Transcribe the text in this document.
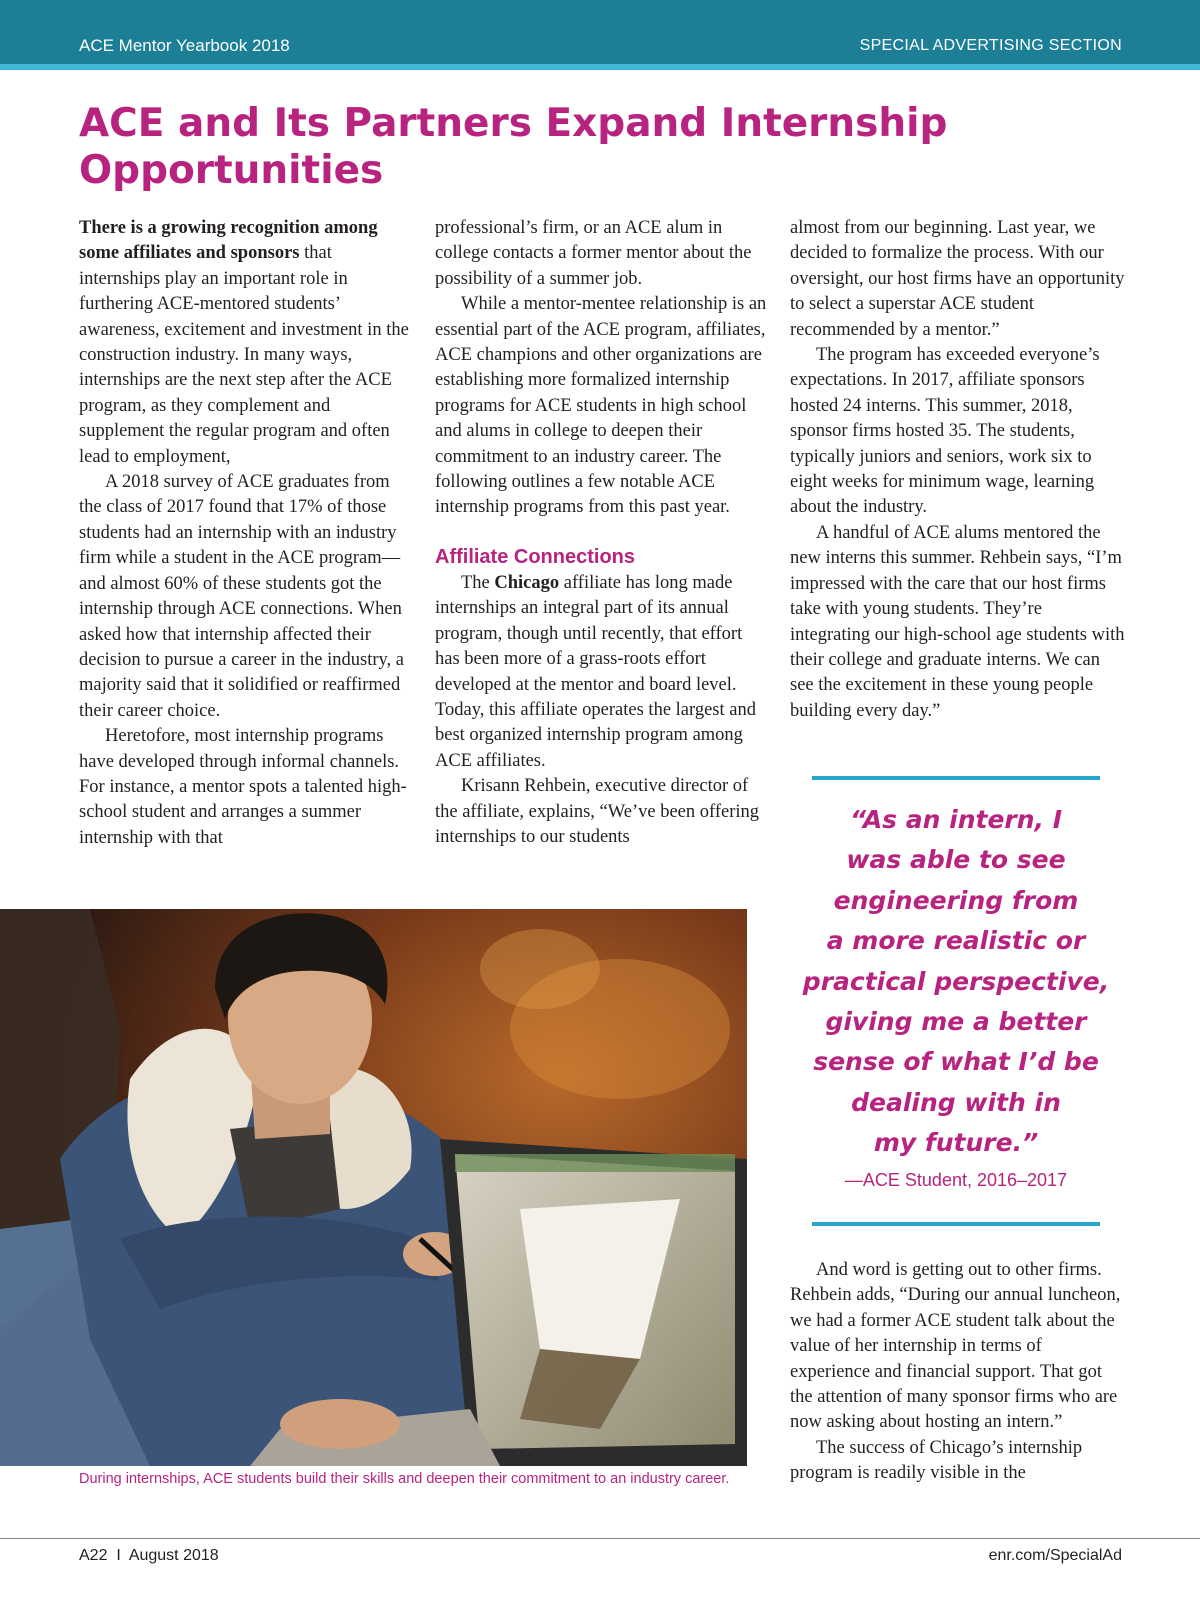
ACE Mentor Yearbook 2018	SPECIAL ADVERTISING SECTION
ACE and Its Partners Expand Internship Opportunities

There is a growing recognition among some affiliates and sponsors that internships play an important role in furthering ACE-mentored students’ awareness, excitement and investment in the construction industry. In many ways, internships are the next step after the ACE program, as they complement and supplement the regular program and often lead to employment,

A 2018 survey of ACE graduates from the class of 2017 found that 17% of those students had an internship with an industry firm while a student in the ACE program—and almost 60% of these students got the internship through ACE connections. When asked how that internship affected their decision to pursue a career in the industry, a majority said that it solidified or reaffirmed their career choice.

Heretofore, most internship programs have developed through informal channels. For instance, a mentor spots a talented high-school student and arranges a summer internship with that

professional’s firm, or an ACE alum in college contacts a former mentor about the possibility of a summer job.

While a mentor-mentee relationship is an essential part of the ACE program, affiliates, ACE champions and other organizations are establishing more formalized internship programs for ACE students in high school and alums in college to deepen their commitment to an industry career. The following outlines a few notable ACE internship programs from this past year.

Affiliate Connections

The Chicago affiliate has long made internships an integral part of its annual program, though until recently, that effort has been more of a grass-roots effort developed at the mentor and board level. Today, this affiliate operates the largest and best organized internship program among ACE affiliates.

Krisann Rehbein, executive director of the affiliate, explains, “We’ve been offering internships to our students

almost from our beginning. Last year, we decided to formalize the process. With our oversight, our host firms have an opportunity to select a superstar ACE student recommended by a mentor.”

The program has exceeded everyone’s expectations. In 2017, affiliate sponsors hosted 24 interns. This summer, 2018, sponsor firms hosted 35. The students, typically juniors and seniors, work six to eight weeks for minimum wage, learning about the industry.

A handful of ACE alums mentored the new interns this summer. Rehbein says, “I’m impressed with the care that our host firms take with young students. They’re integrating our high-school age students with their college and graduate interns. We can see the excitement in these young people building every day.”

“As an intern, I
was able to see
engineering from
a more realistic or
practical perspective,
giving me a better
sense of what I’d be
dealing with in
my future.”
—ACE Student, 2016–2017

And word is getting out to other firms. Rehbein adds, “During our annual luncheon, we had a former ACE student talk about the value of her internship in terms of experience and financial support. That got the attention of many sponsor firms who are now asking about hosting an intern.”

The success of Chicago’s internship program is readily visible in the

During internships, ACE students build their skills and deepen their commitment to an industry career.
A22  I  August 2018	enr.com/SpecialAd
